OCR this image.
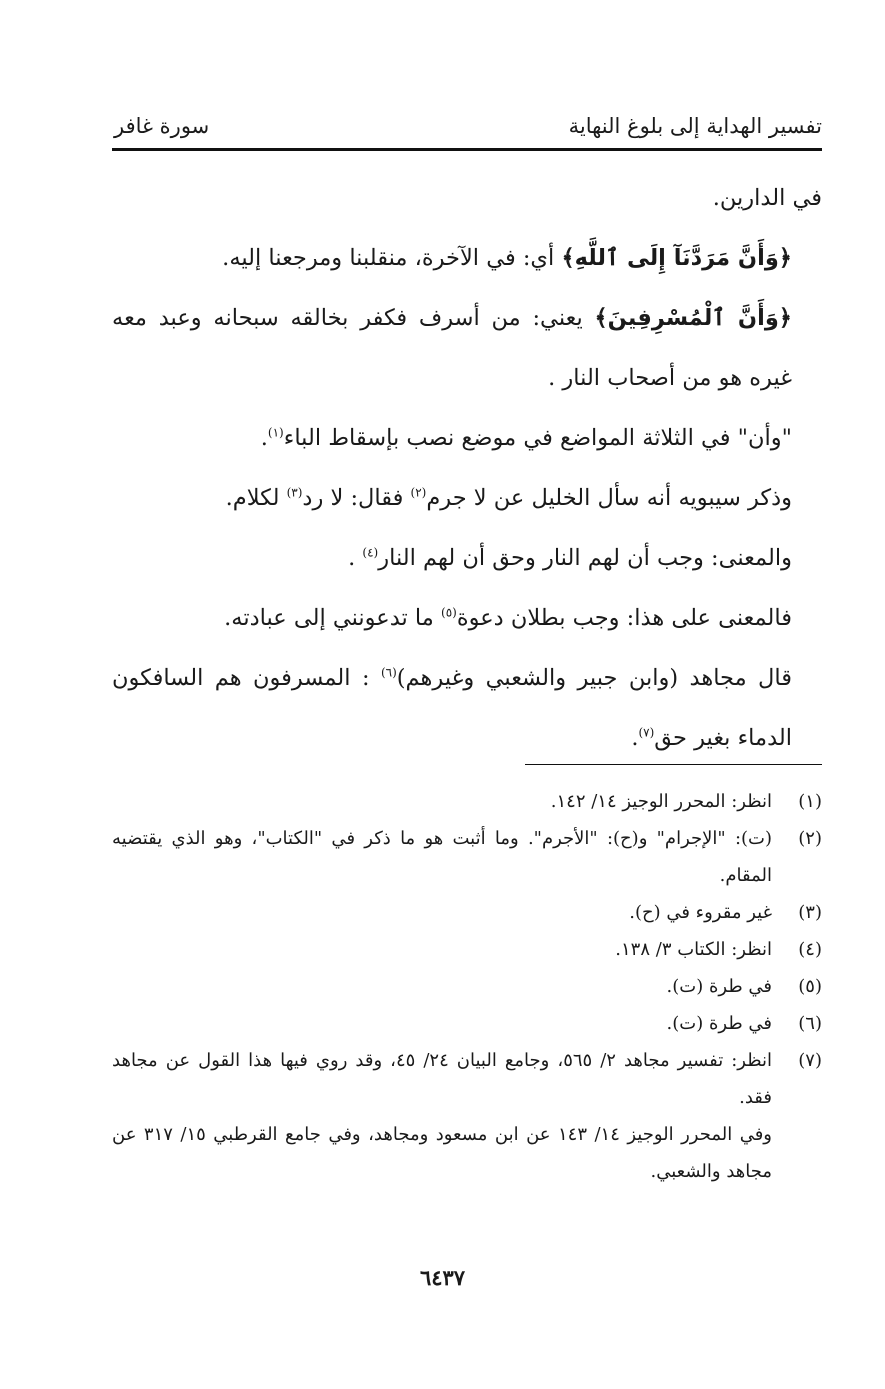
تفسير الهداية إلى بلوغ النهاية
سورة غافر

في الدارين.

﴿وَأَنَّ مَرَدَّنَآ إِلَى ٱللَّهِ﴾ أي: في الآخرة، منقلبنا ومرجعنا إليه.

﴿وَأَنَّ ٱلْمُسْرِفِينَ﴾ يعني: من أسرف فكفر بخالقه سبحانه وعبد معه غيره هو من أصحاب النار .

"وأن" في الثلاثة المواضع في موضع نصب بإسقاط الباء$^{(١)}$.

وذكر سيبويه أنه سأل الخليل عن لا جرم$^{(٢)}$ فقال: لا رد$^{(٣)}$ لكلام.

والمعنى: وجب أن لهم النار وحق أن لهم النار$^{(٤)}$ .

فالمعنى على هذا: وجب بطلان دعوة$^{(٥)}$ ما تدعونني إلى عبادته.

قال مجاهد (وابن جبير والشعبي وغيرهم)$^{(٦)}$ : المسرفون هم السافكون الدماء بغير حق$^{(٧)}$.

(١)
انظر: المحرر الوجيز ١٤/ ١٤٢.
(٢)
(ت): "الإجرام" و(ح): "الأجرم". وما أثبت هو ما ذكر في "الكتاب"، وهو الذي يقتضيه المقام.
(٣)
غير مقروء في (ح).
(٤)
انظر: الكتاب ٣/ ١٣٨.
(٥)
في طرة (ت).
(٦)
في طرة (ت).
(٧)
انظر: تفسير مجاهد ٢/ ٥٦٥، وجامع البيان ٢٤/ ٤٥، وقد روي فيها هذا القول عن مجاهد فقد.
وفي المحرر الوجيز ١٤/ ١٤٣ عن ابن مسعود ومجاهد، وفي جامع القرطبي ١٥/ ٣١٧ عن مجاهد والشعبي.
٦٤٣٧
